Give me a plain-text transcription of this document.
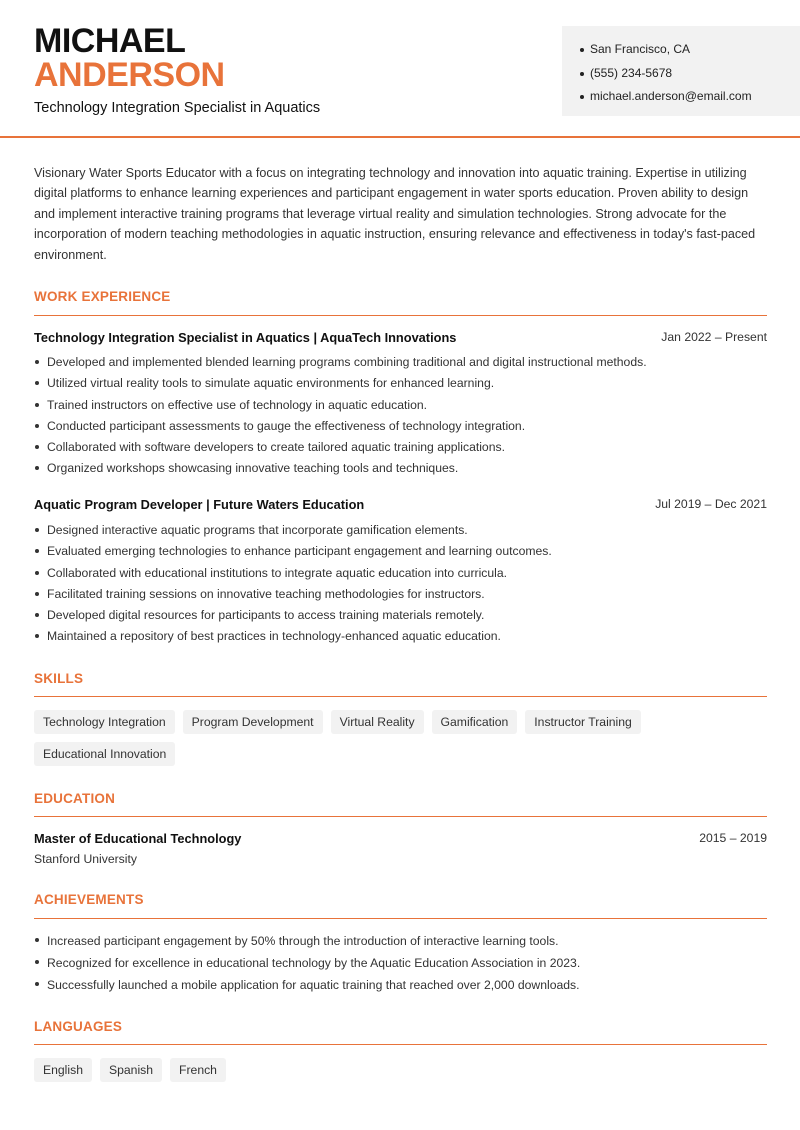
MICHAEL
ANDERSON
Technology Integration Specialist in Aquatics
San Francisco, CA
(555) 234-5678
michael.anderson@email.com

Visionary Water Sports Educator with a focus on integrating technology and innovation into aquatic training. Expertise in utilizing digital platforms to enhance learning experiences and participant engagement in water sports education. Proven ability to design and implement interactive training programs that leverage virtual reality and simulation technologies. Strong advocate for the incorporation of modern teaching methodologies in aquatic instruction, ensuring relevance and effectiveness in today's fast-paced environment.

WORK EXPERIENCE
Technology Integration Specialist in Aquatics | AquaTech Innovations	Jan 2022 – Present
Developed and implemented blended learning programs combining traditional and digital instructional methods.
Utilized virtual reality tools to simulate aquatic environments for enhanced learning.
Trained instructors on effective use of technology in aquatic education.
Conducted participant assessments to gauge the effectiveness of technology integration.
Collaborated with software developers to create tailored aquatic training applications.
Organized workshops showcasing innovative teaching tools and techniques.
Aquatic Program Developer | Future Waters Education	Jul 2019 – Dec 2021
Designed interactive aquatic programs that incorporate gamification elements.
Evaluated emerging technologies to enhance participant engagement and learning outcomes.
Collaborated with educational institutions to integrate aquatic education into curricula.
Facilitated training sessions on innovative teaching methodologies for instructors.
Developed digital resources for participants to access training materials remotely.
Maintained a repository of best practices in technology-enhanced aquatic education.
SKILLS
Technology Integration	Program Development	Virtual Reality	Gamification	Instructor Training
Educational Innovation
EDUCATION
Master of Educational Technology	2015 – 2019
Stanford University
ACHIEVEMENTS
Increased participant engagement by 50% through the introduction of interactive learning tools.
Recognized for excellence in educational technology by the Aquatic Education Association in 2023.
Successfully launched a mobile application for aquatic training that reached over 2,000 downloads.
LANGUAGES
English	Spanish	French
